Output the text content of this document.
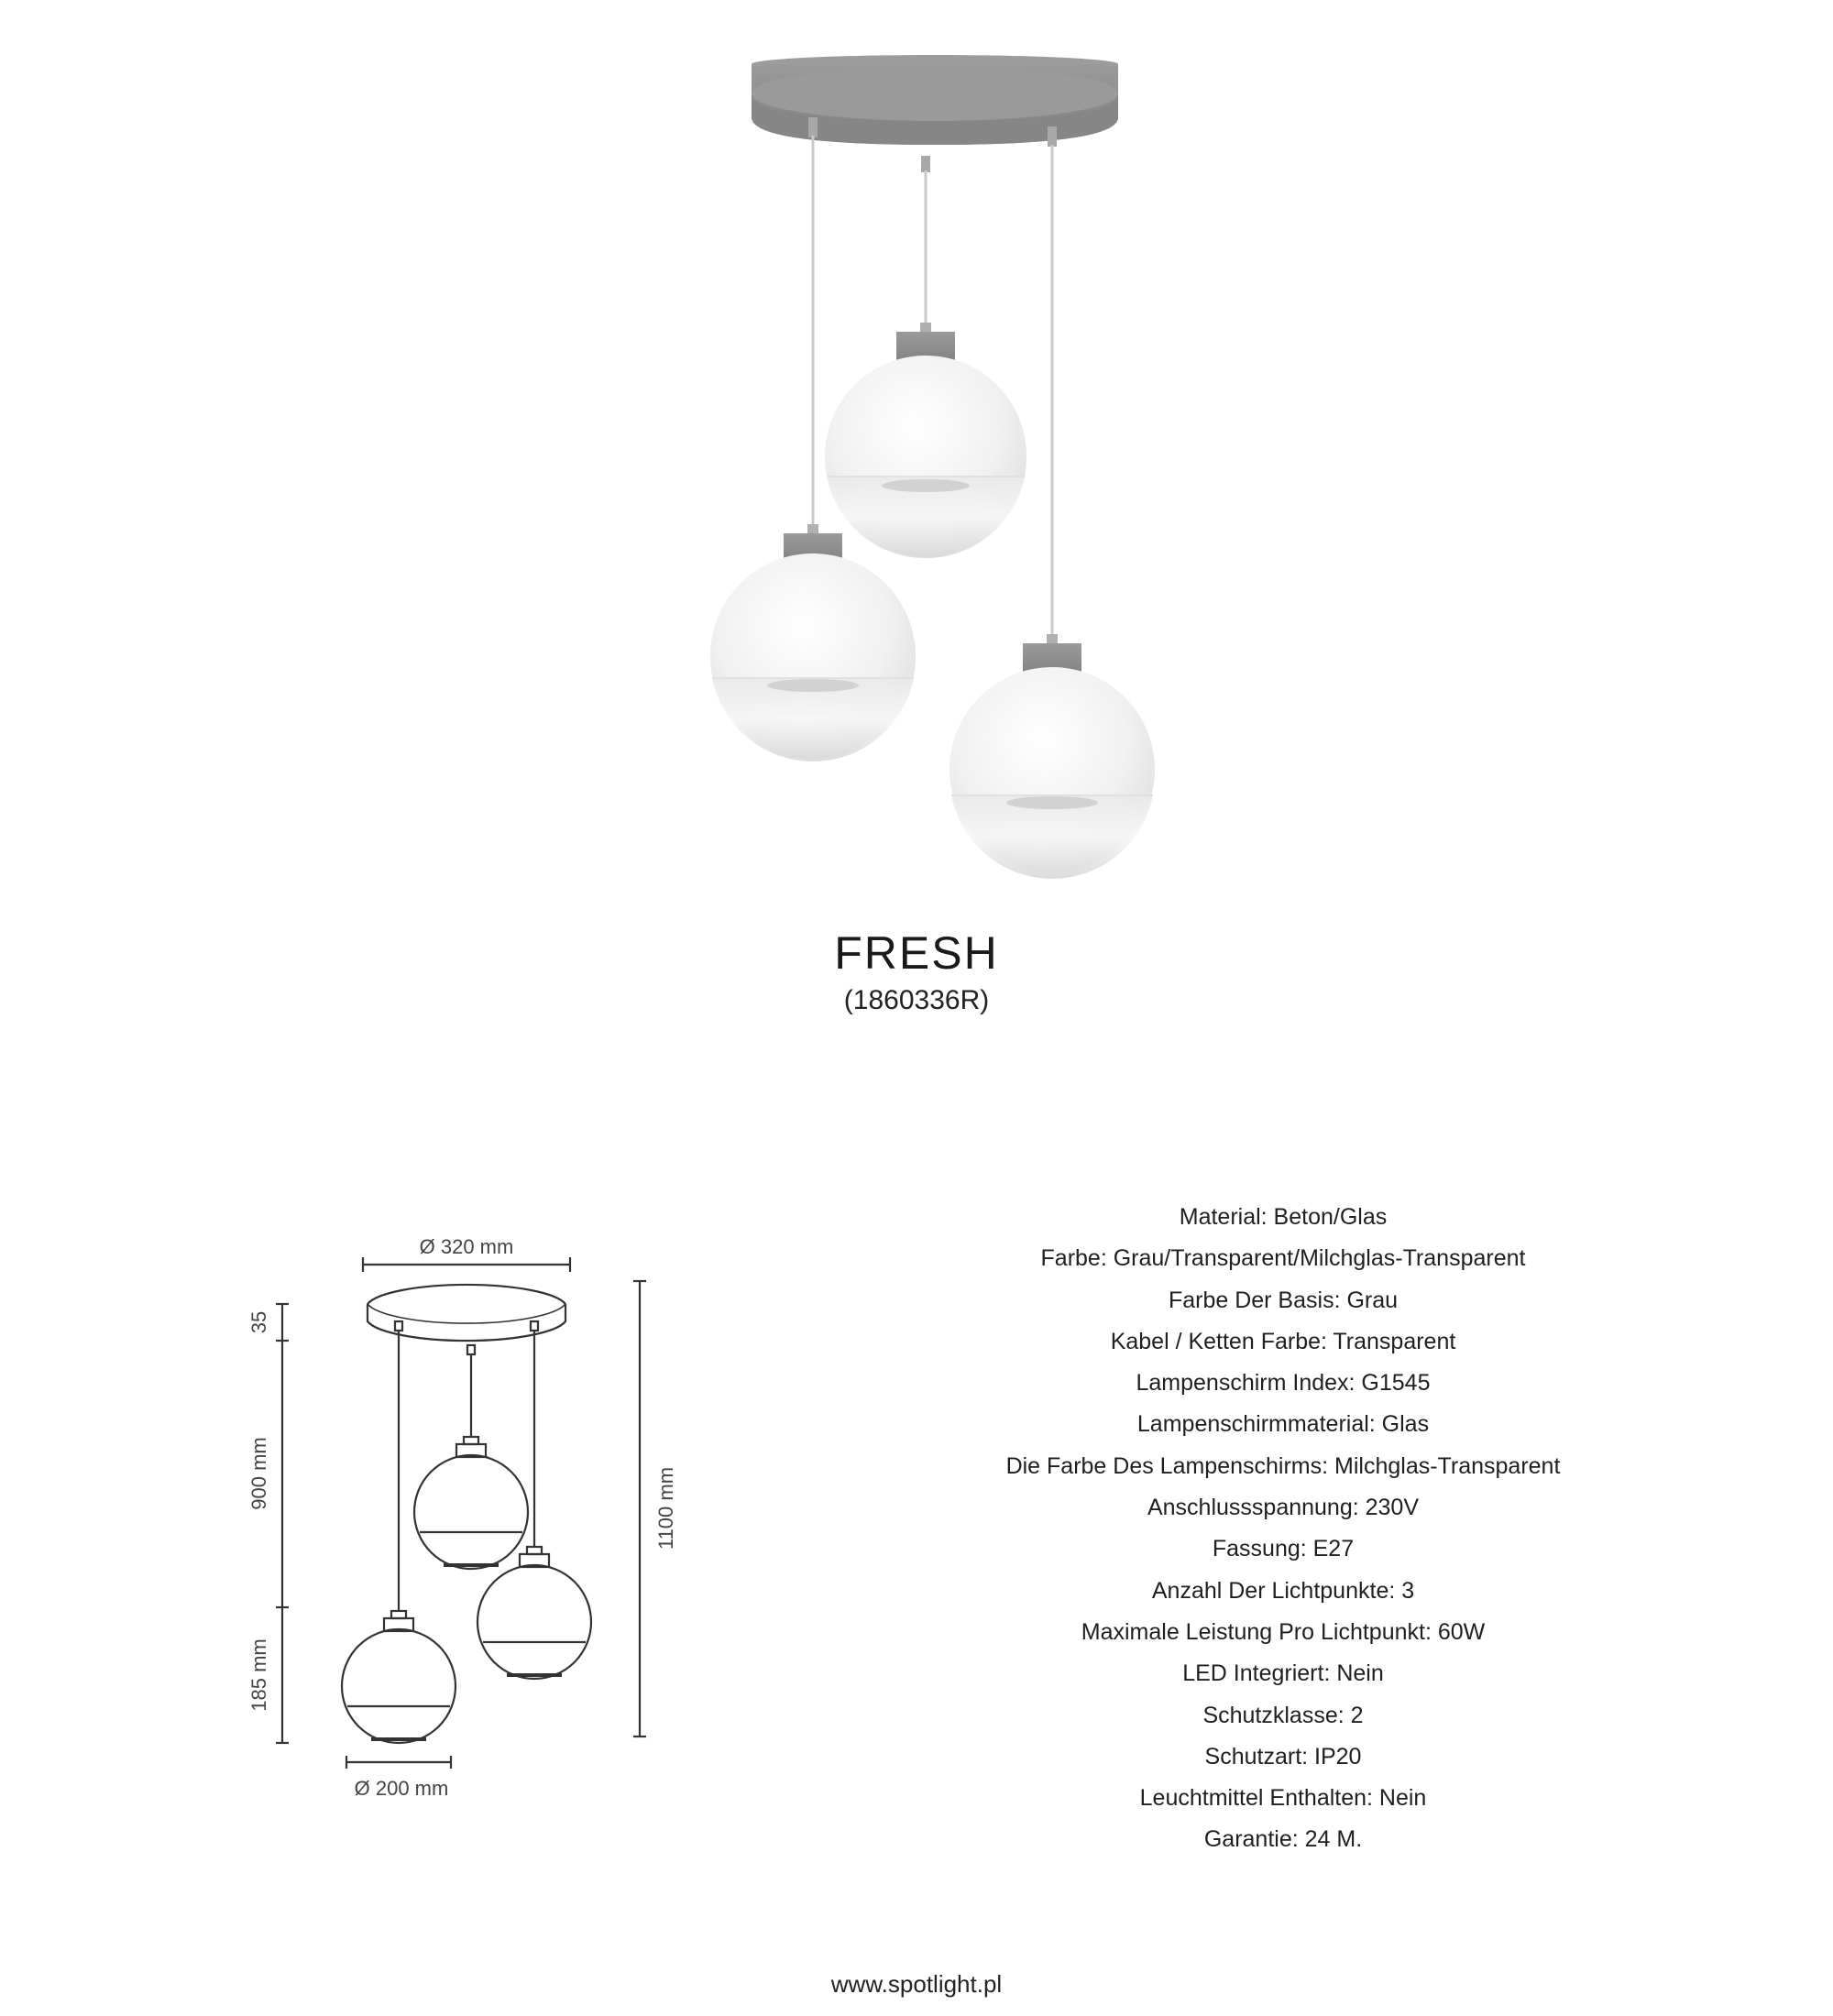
FRESH
(1860336R)
Ø 320 mm
Ø 200 mm
35
900 mm
185 mm
1100 mm
Material: Beton/Glas
Farbe: Grau/Transparent/Milchglas-Transparent
Farbe Der Basis: Grau
Kabel / Ketten Farbe: Transparent
Lampenschirm Index: G1545
Lampenschirmmaterial: Glas
Die Farbe Des Lampenschirms: Milchglas-Transparent
Anschlussspannung: 230V
Fassung: E27
Anzahl Der Lichtpunkte: 3
Maximale Leistung Pro Lichtpunkt: 60W
LED Integriert: Nein
Schutzklasse: 2
Schutzart: IP20
Leuchtmittel Enthalten: Nein
Garantie: 24 M.
www.spotlight.pl
